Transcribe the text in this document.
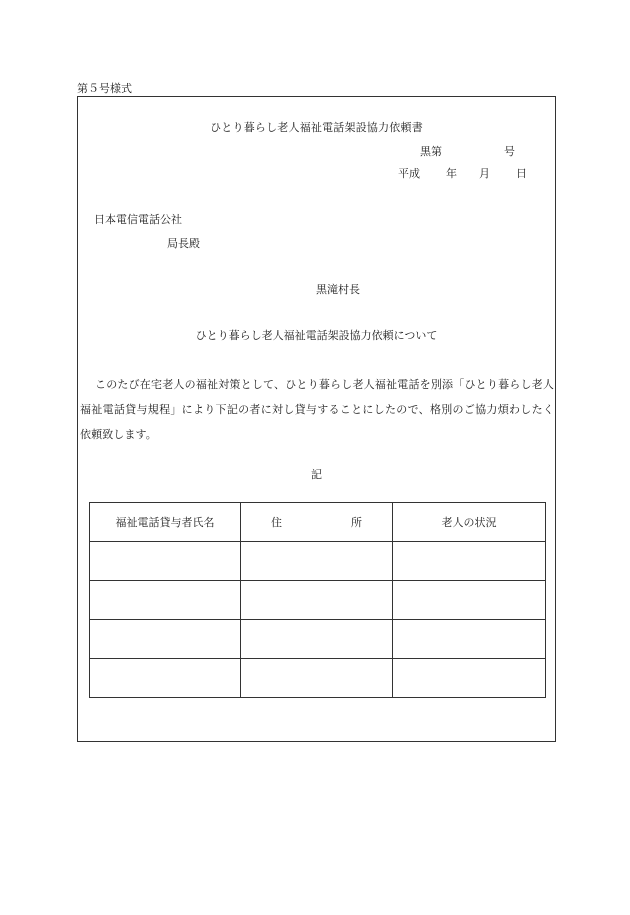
第５号様式
ひとり暮らし老人福祉電話架設協力依頼書
黒第	号
平成 年 月 日
日本電信電話公社
局長殿
黒滝村長
ひとり暮らし老人福祉電話架設協力依頼について
このたび在宅老人の福祉対策として、ひとり暮らし老人福祉電話を別添「ひとり暮らし老人福祉電話貸与規程」により下記の者に対し貸与することにしたので、格別のご協力煩わしたく依頼致します。
記
福祉電話貸与者氏名	住 所	老人の状況
